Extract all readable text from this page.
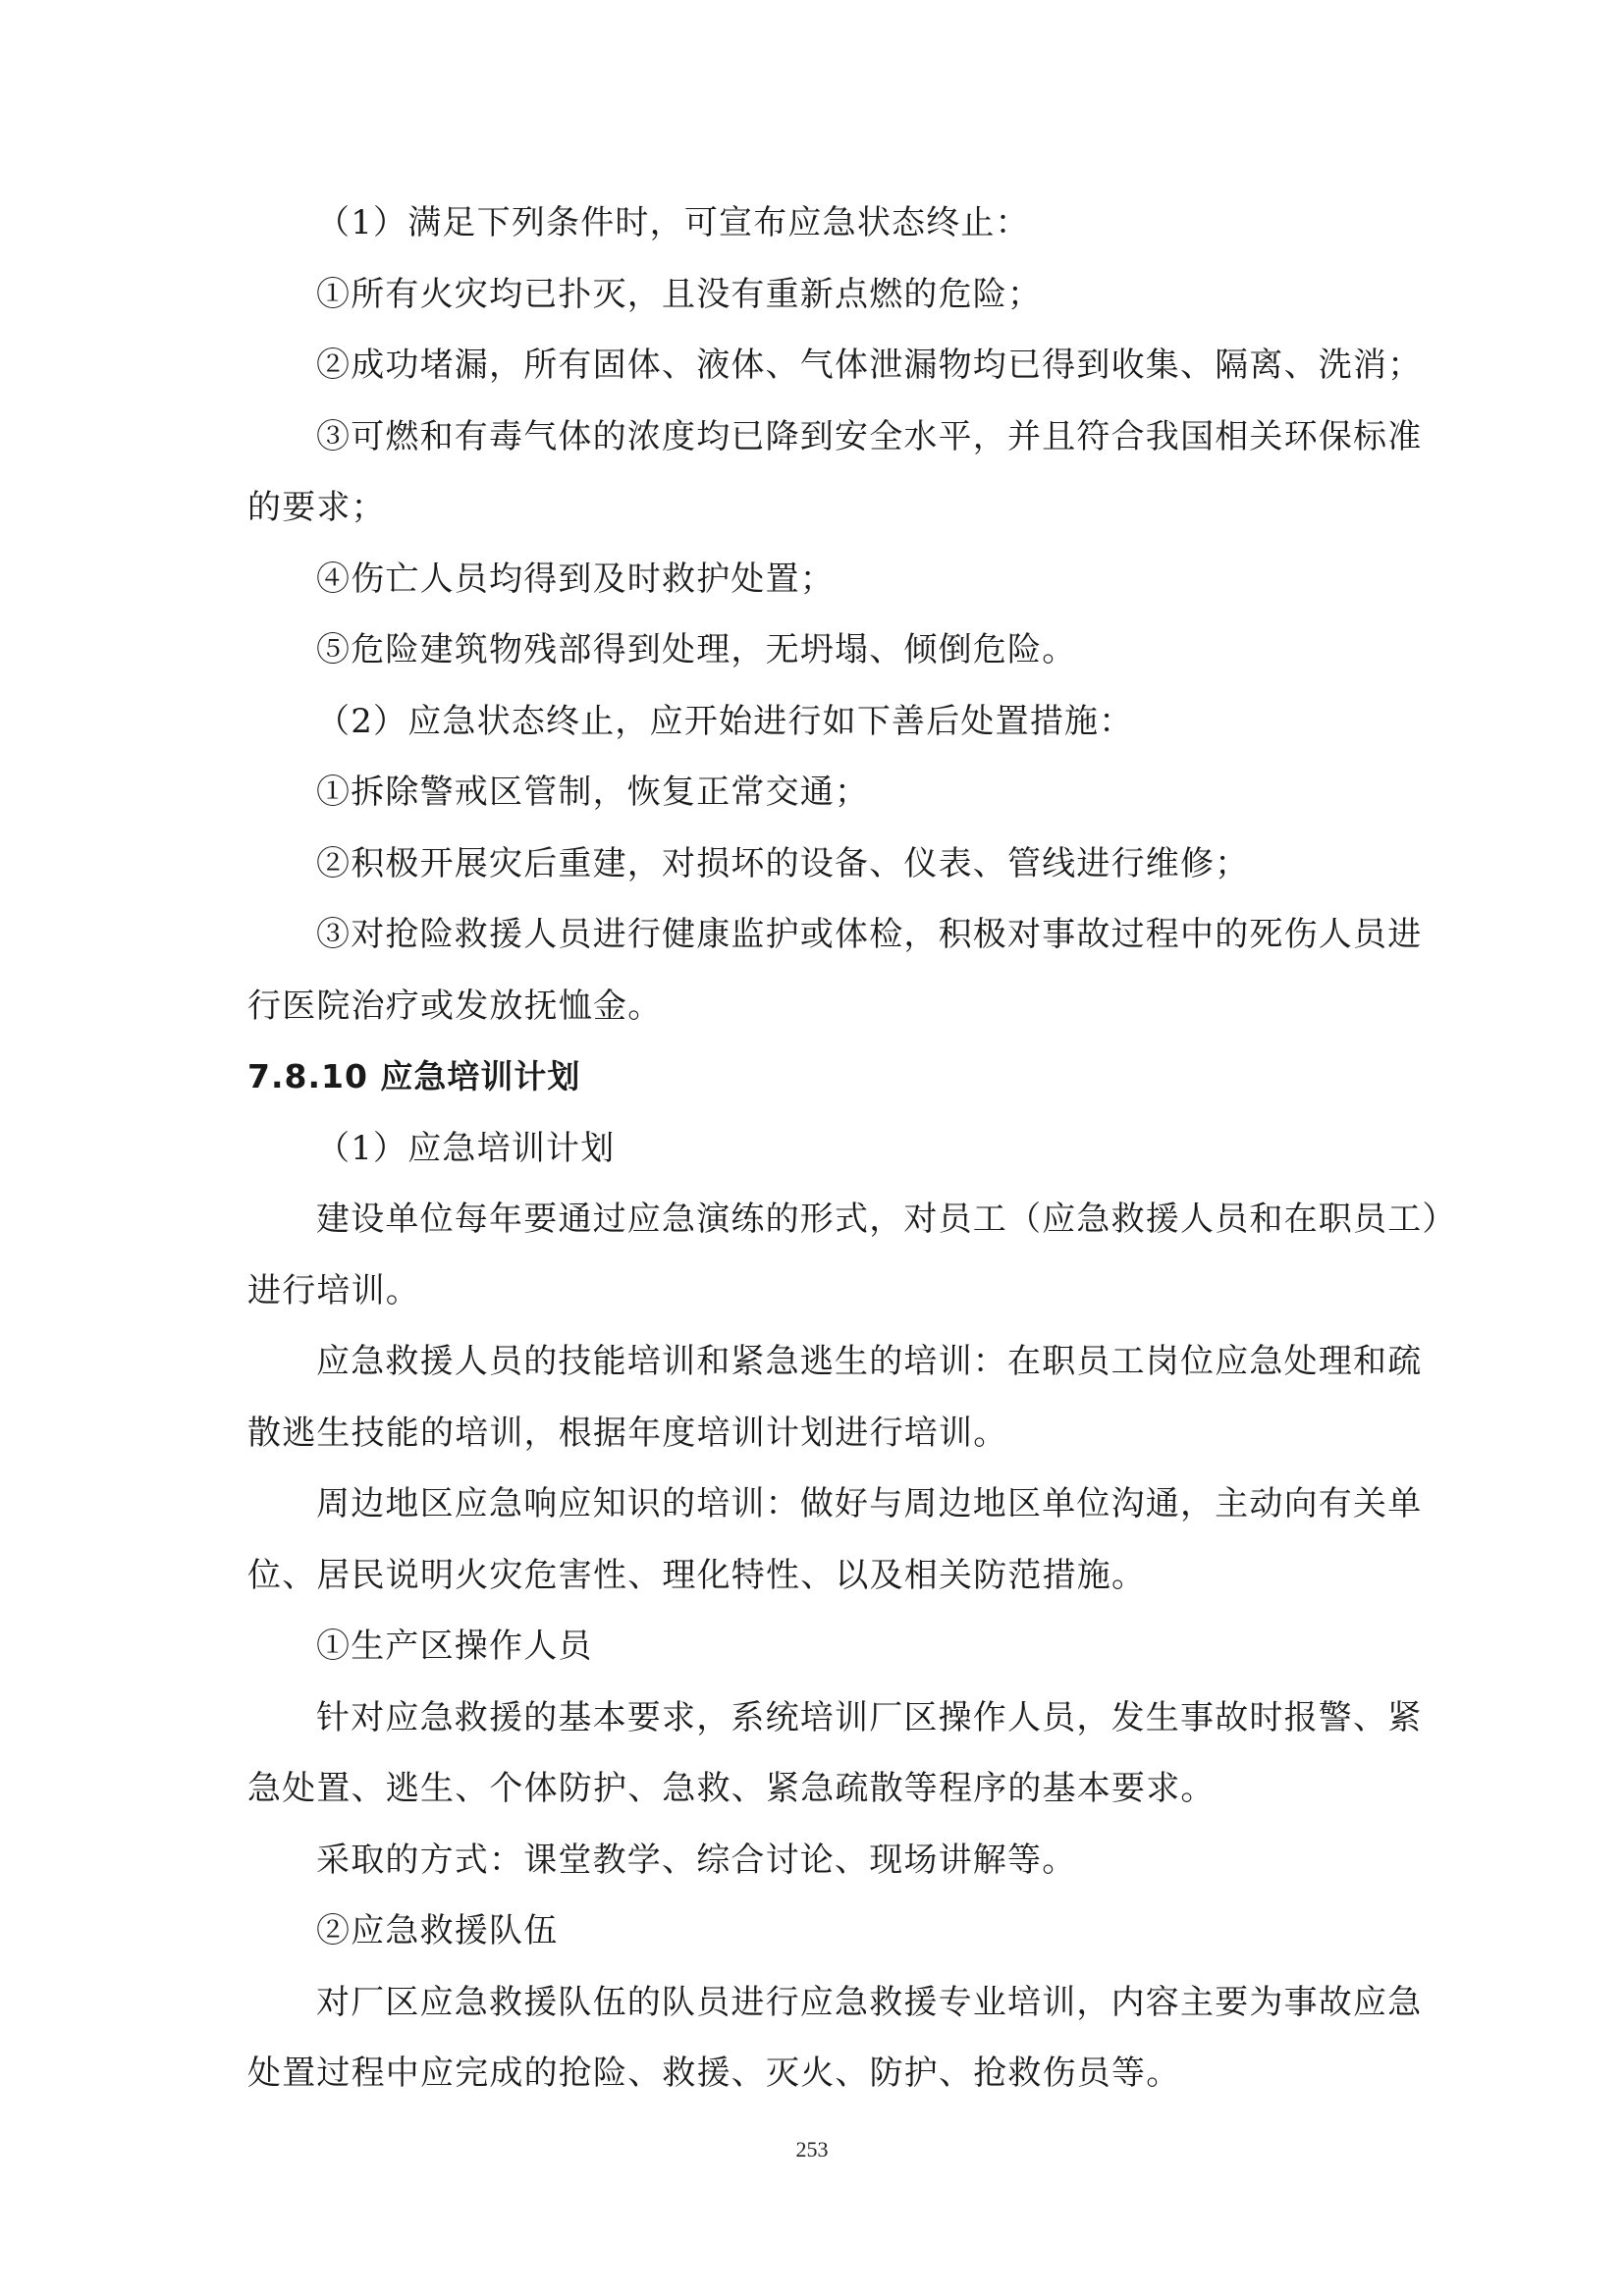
（1）满足下列条件时，可宣布应急状态终止：
①所有火灾均已扑灭，且没有重新点燃的危险；
②成功堵漏，所有固体、液体、气体泄漏物均已得到收集、隔离、洗消；
③可燃和有毒气体的浓度均已降到安全水平，并且符合我国相关环保标准
的要求；
④伤亡人员均得到及时救护处置；
⑤危险建筑物残部得到处理，无坍塌、倾倒危险。
（2）应急状态终止，应开始进行如下善后处置措施：
①拆除警戒区管制，恢复正常交通；
②积极开展灾后重建，对损坏的设备、仪表、管线进行维修；
③对抢险救援人员进行健康监护或体检，积极对事故过程中的死伤人员进
行医院治疗或发放抚恤金。
7.8.10 应急培训计划
（1）应急培训计划
建设单位每年要通过应急演练的形式，对员工（应急救援人员和在职员工）
进行培训。
应急救援人员的技能培训和紧急逃生的培训：在职员工岗位应急处理和疏
散逃生技能的培训，根据年度培训计划进行培训。
周边地区应急响应知识的培训：做好与周边地区单位沟通，主动向有关单
位、居民说明火灾危害性、理化特性、以及相关防范措施。
①生产区操作人员
针对应急救援的基本要求，系统培训厂区操作人员，发生事故时报警、紧
急处置、逃生、个体防护、急救、紧急疏散等程序的基本要求。
采取的方式：课堂教学、综合讨论、现场讲解等。
②应急救援队伍
对厂区应急救援队伍的队员进行应急救援专业培训，内容主要为事故应急
处置过程中应完成的抢险、救援、灭火、防护、抢救伤员等。
253
